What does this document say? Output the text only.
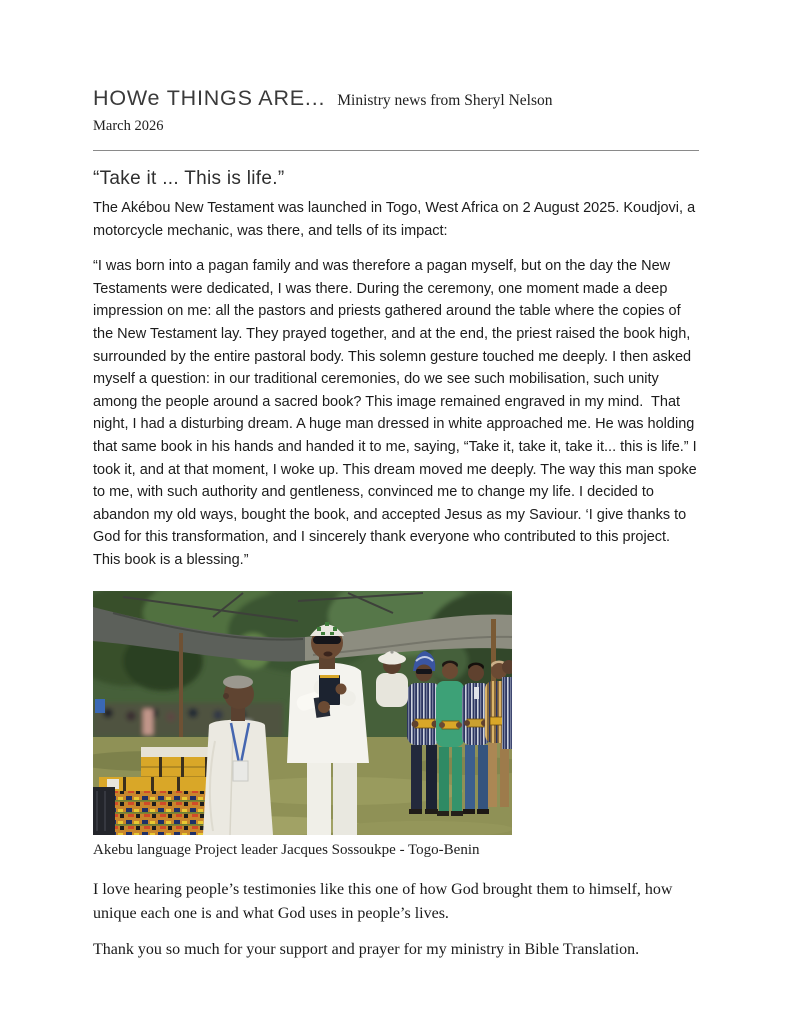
HOWe THINGS ARE... Ministry news from Sheryl Nelson
March 2026
“Take it ... This is life.”

The Akébou New Testament was launched in Togo, West Africa on 2 August 2025. Koudjovi, a motorcycle mechanic, was there, and tells of its impact:

“I was born into a pagan family and was therefore a pagan myself, but on the day the New Testaments were dedicated, I was there. During the ceremony, one moment made a deep impression on me: all the pastors and priests gathered around the table where the copies of the New Testament lay. They prayed together, and at the end, the priest raised the book high, surrounded by the entire pastoral body. This solemn gesture touched me deeply. I then asked myself a question: in our traditional ceremonies, do we see such mobilisation, such unity among the people around a sacred book? This image remained engraved in my mind.  That night, I had a disturbing dream. A huge man dressed in white approached me. He was holding that same book in his hands and handed it to me, saying, “Take it, take it, take it... this is life.” I took it, and at that moment, I woke up. This dream moved me deeply. The way this man spoke to me, with such authority and gentleness, convinced me to change my life. I decided to abandon my old ways, bought the book, and accepted Jesus as my Saviour. ‘I give thanks to God for this transformation, and I sincerely thank everyone who contributed to this project. This book is a blessing.”

Akebu language Project leader Jacques Sossoukpe - Togo-Benin

I love hearing people’s testimonies like this one of how God brought them to himself, how unique each one is and what God uses in people’s lives.

Thank you so much for your support and prayer for my ministry in Bible Translation.
